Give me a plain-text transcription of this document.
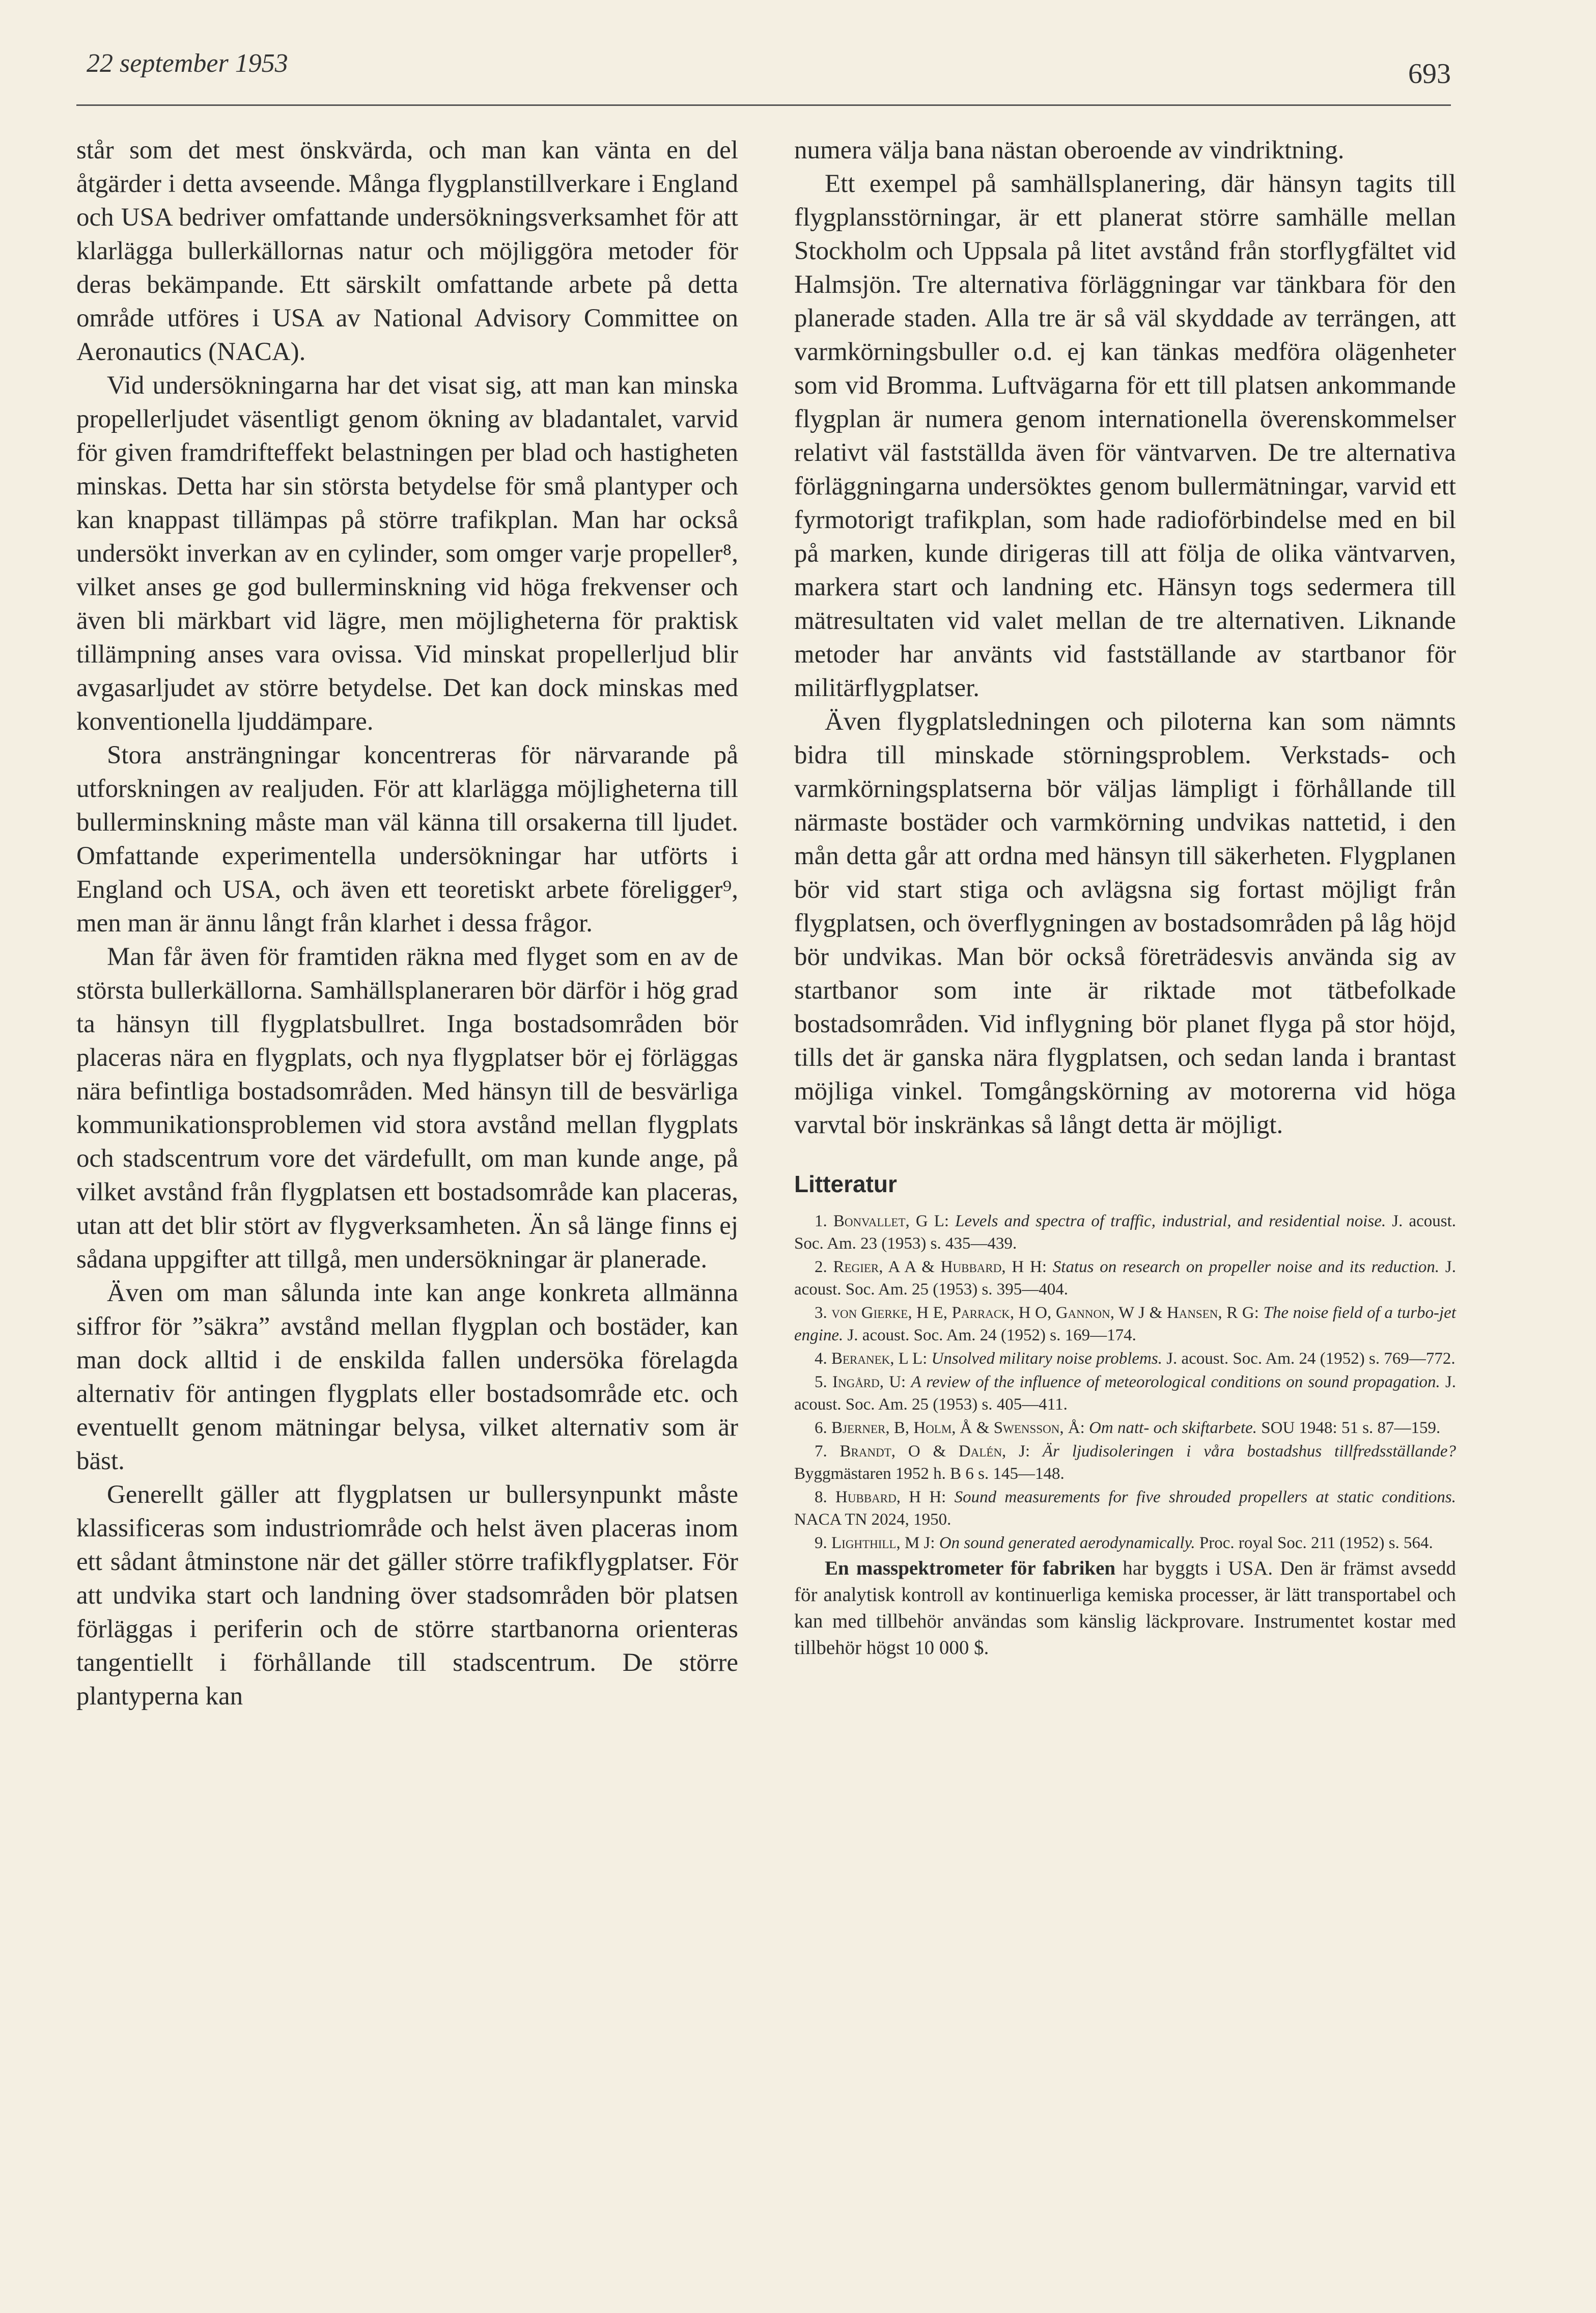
22 september 1953	693

står som det mest önskvärda, och man kan vänta en del åtgärder i detta avseende. Många flygplanstillverkare i England och USA bedriver omfattande undersökningsverksamhet för att klarlägga bullerkällornas natur och möjliggöra metoder för deras bekämpande. Ett särskilt omfattande arbete på detta område utföres i USA av National Advisory Committee on Aeronautics (NACA).

Vid undersökningarna har det visat sig, att man kan minska propellerljudet väsentligt genom ökning av bladantalet, varvid för given framdrifteffekt belastningen per blad och hastigheten minskas. Detta har sin största betydelse för små plantyper och kan knappast tillämpas på större trafikplan. Man har också undersökt inverkan av en cylinder, som omger varje propeller⁸, vilket anses ge god bullerminskning vid höga frekvenser och även bli märkbart vid lägre, men möjligheterna för praktisk tillämpning anses vara ovissa. Vid minskat propellerljud blir avgasarljudet av större betydelse. Det kan dock minskas med konventionella ljuddämpare.

Stora ansträngningar koncentreras för närvarande på utforskningen av realjuden. För att klarlägga möjligheterna till bullerminskning måste man väl känna till orsakerna till ljudet. Omfattande experimentella undersökningar har utförts i England och USA, och även ett teoretiskt arbete föreligger⁹, men man är ännu långt från klarhet i dessa frågor.

Man får även för framtiden räkna med flyget som en av de största bullerkällorna. Samhällsplaneraren bör därför i hög grad ta hänsyn till flygplatsbullret. Inga bostadsområden bör placeras nära en flygplats, och nya flygplatser bör ej förläggas nära befintliga bostadsområden. Med hänsyn till de besvärliga kommunikationsproblemen vid stora avstånd mellan flygplats och stadscentrum vore det värdefullt, om man kunde ange, på vilket avstånd från flygplatsen ett bostadsområde kan placeras, utan att det blir stört av flygverksamheten. Än så länge finns ej sådana uppgifter att tillgå, men undersökningar är planerade.

Även om man sålunda inte kan ange konkreta allmänna siffror för ”säkra” avstånd mellan flygplan och bostäder, kan man dock alltid i de enskilda fallen undersöka förelagda alternativ för antingen flygplats eller bostadsområde etc. och eventuellt genom mätningar belysa, vilket alternativ som är bäst.

Generellt gäller att flygplatsen ur bullersynpunkt måste klassificeras som industriområde och helst även placeras inom ett sådant åtminstone när det gäller större trafikflygplatser. För att undvika start och landning över stadsområden bör platsen förläggas i periferin och de större startbanorna orienteras tangentiellt i förhållande till stadscentrum. De större plantyperna kan

numera välja bana nästan oberoende av vindriktning.

Ett exempel på samhällsplanering, där hänsyn tagits till flygplansstörningar, är ett planerat större samhälle mellan Stockholm och Uppsala på litet avstånd från storflygfältet vid Halmsjön. Tre alternativa förläggningar var tänkbara för den planerade staden. Alla tre är så väl skyddade av terrängen, att varmkörningsbuller o.d. ej kan tänkas medföra olägenheter som vid Bromma. Luftvägarna för ett till platsen ankommande flygplan är numera genom internationella överenskommelser relativt väl fastställda även för väntvarven. De tre alternativa förläggningarna undersöktes genom bullermätningar, varvid ett fyrmotorigt trafikplan, som hade radioförbindelse med en bil på marken, kunde dirigeras till att följa de olika väntvarven, markera start och landning etc. Hänsyn togs sedermera till mätresultaten vid valet mellan de tre alternativen. Liknande metoder har använts vid fastställande av startbanor för militärflygplatser.

Även flygplatsledningen och piloterna kan som nämnts bidra till minskade störningsproblem. Verkstads- och varmkörningsplatserna bör väljas lämpligt i förhållande till närmaste bostäder och varmkörning undvikas nattetid, i den mån detta går att ordna med hänsyn till säkerheten. Flygplanen bör vid start stiga och avlägsna sig fortast möjligt från flygplatsen, och överflygningen av bostadsområden på låg höjd bör undvikas. Man bör också företrädesvis använda sig av startbanor som inte är riktade mot tätbefolkade bostadsområden. Vid inflygning bör planet flyga på stor höjd, tills det är ganska nära flygplatsen, och sedan landa i brantast möjliga vinkel. Tomgångskörning av motorerna vid höga varvtal bör inskränkas så långt detta är möjligt.

Litteratur

1. Bonvallet, G L: Levels and spectra of traffic, industrial, and residential noise. J. acoust. Soc. Am. 23 (1953) s. 435—439.

2. Regier, A A & Hubbard, H H: Status on research on propeller noise and its reduction. J. acoust. Soc. Am. 25 (1953) s. 395—404.

3. von Gierke, H E, Parrack, H O, Gannon, W J & Hansen, R G: The noise field of a turbo-jet engine. J. acoust. Soc. Am. 24 (1952) s. 169—174.

4. Beranek, L L: Unsolved military noise problems. J. acoust. Soc. Am. 24 (1952) s. 769—772.

5. Ingård, U: A review of the influence of meteorological conditions on sound propagation. J. acoust. Soc. Am. 25 (1953) s. 405—411.

6. Bjerner, B, Holm, Å & Swensson, Å: Om natt- och skiftarbete. SOU 1948: 51 s. 87—159.

7. Brandt, O & Dalén, J: Är ljudisoleringen i våra bostadshus tillfredsställande? Byggmästaren 1952 h. B 6 s. 145—148.

8. Hubbard, H H: Sound measurements for five shrouded propellers at static conditions. NACA TN 2024, 1950.

9. Lighthill, M J: On sound generated aerodynamically. Proc. royal Soc. 211 (1952) s. 564.

En masspektrometer för fabriken har byggts i USA. Den är främst avsedd för analytisk kontroll av kontinuerliga kemiska processer, är lätt transportabel och kan med tillbehör användas som känslig läckprovare. Instrumentet kostar med tillbehör högst 10 000 $.
